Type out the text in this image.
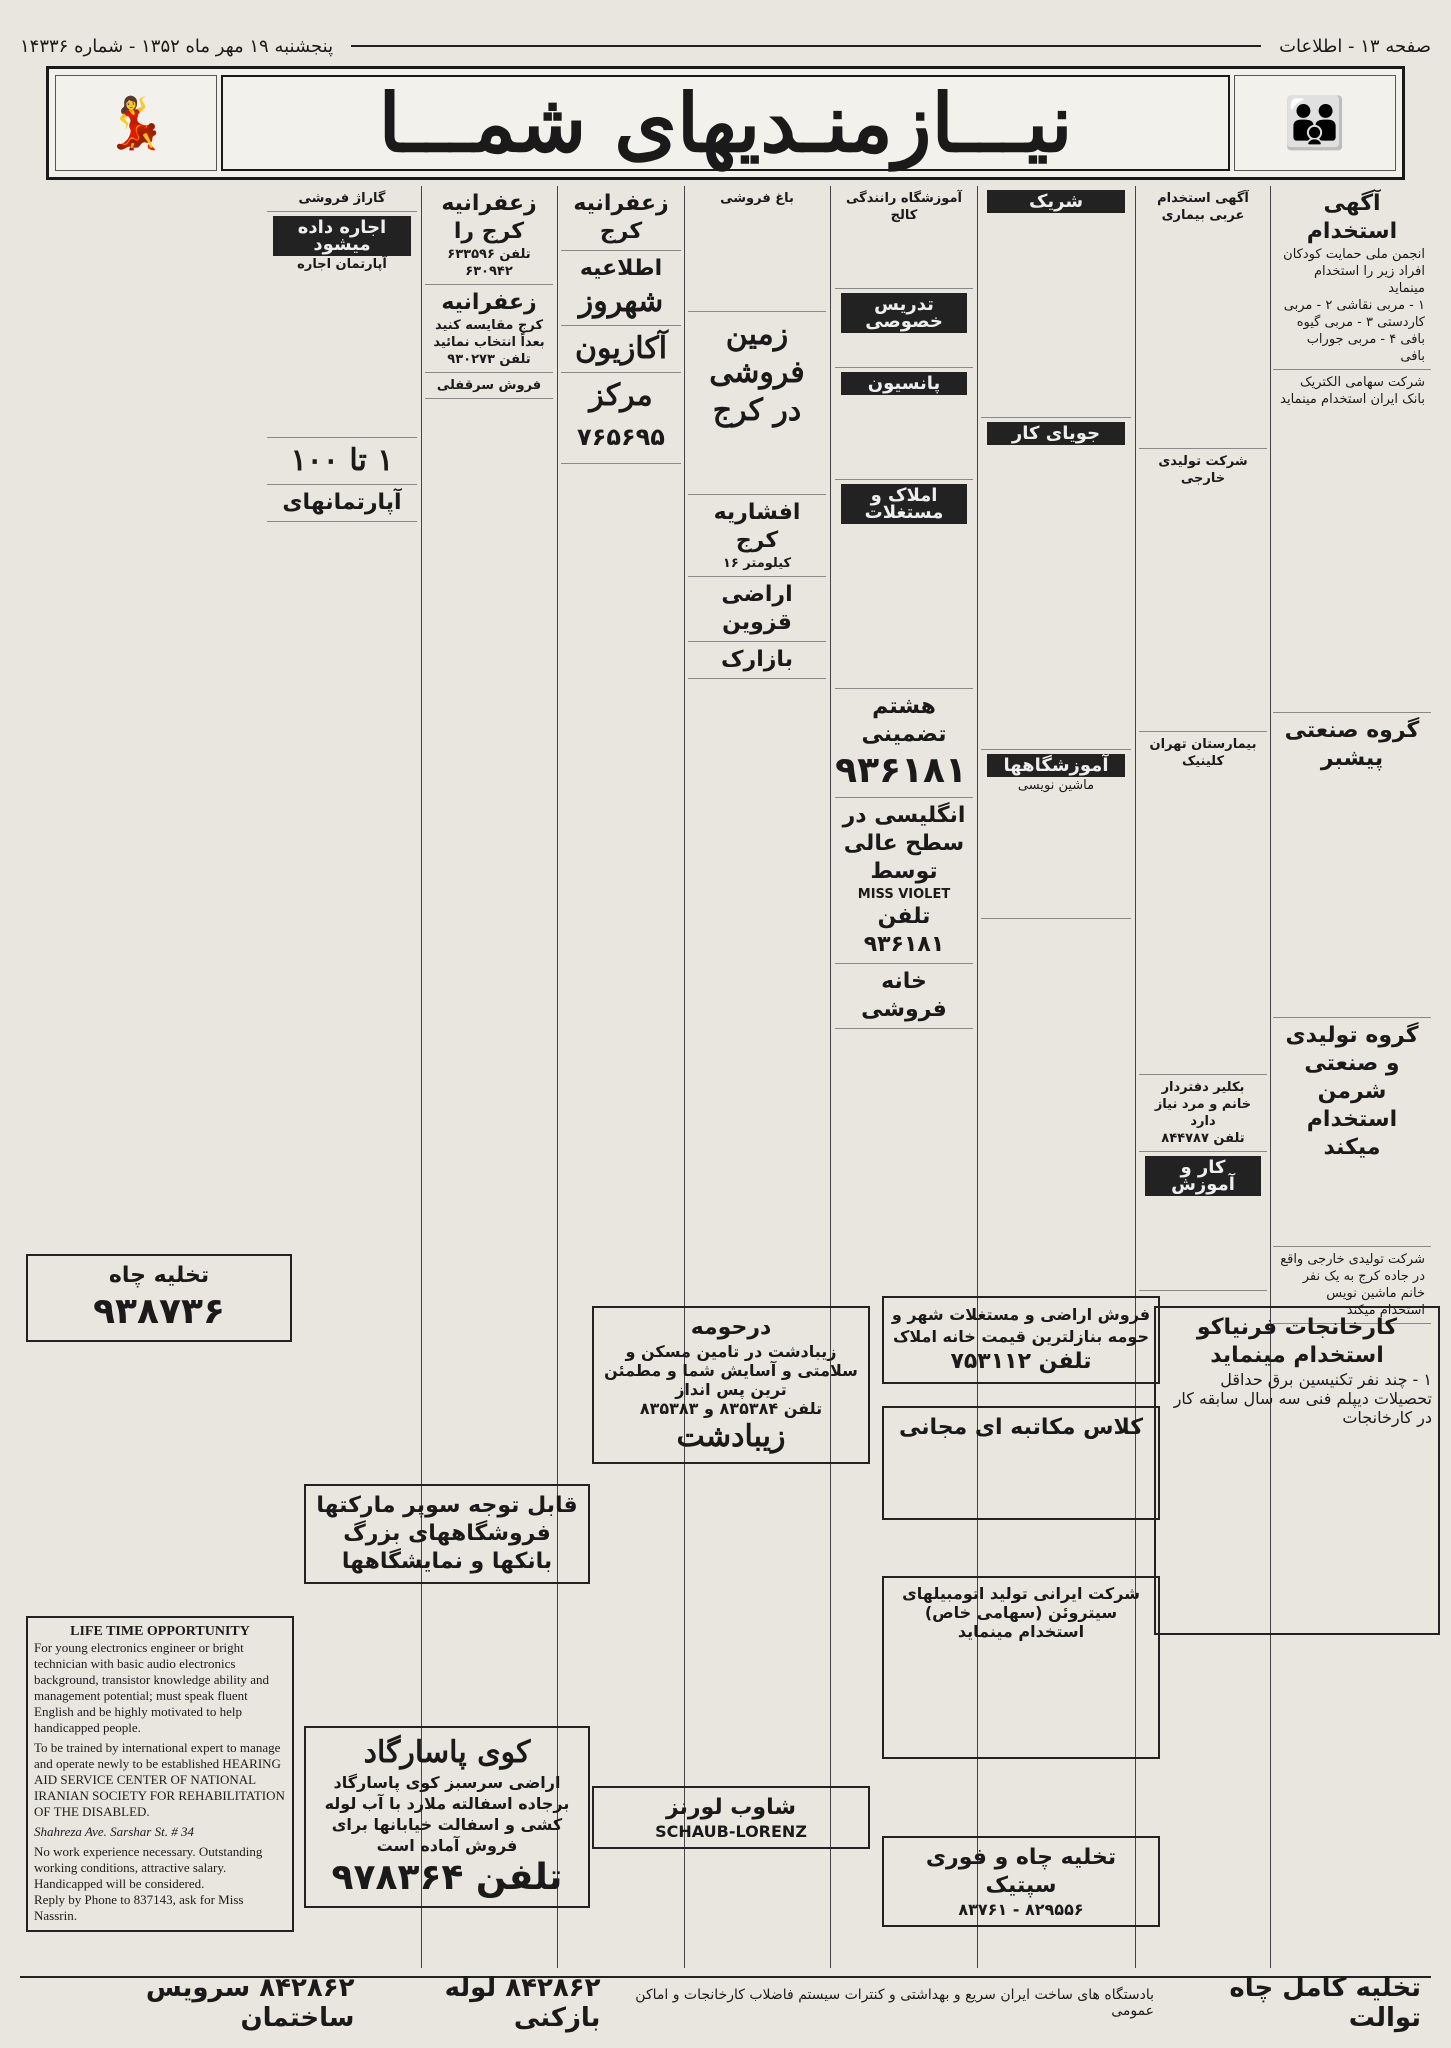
صفحه ۱۳ - اطلاعات
پنجشنبه ۱۹ مهر ماه ۱۳۵۲ - شماره ۱۴۳۳۶
👪
نیـــازمنـدیهای شمـــا
💃
آگهی استخدام
انجمن ملی حمایت کودکان افراد زیر را استخدام مینماید
۱ - مربی نقاشی ۲ - مربی کاردستی ۳ - مربی گیوه بافی ۴ - مربی جوراب بافی
شرکت سهامی الکتریک بانک ایران استخدام مینماید
گروه صنعتی پیشبر
گروه تولیدی و صنعتی شرمن استخدام میکند
شرکت تولیدی خارجی واقع در جاده کرج به یک نفر خانم ماشین نویس استخدام میکند
آگهی استخدام عربی بیماری
شرکت تولیدی خارجی
بیمارستان تهران کلینیک
بکلیر دفتردار خانم و مرد نیاز دارد
تلفن ۸۴۴۷۸۷
کار و آموزش
شریک
جویای کار
آموزشگاهها
ماشین نویسی
آموزشگاه رانندگی کالج
تدریس خصوصی
پانسیون
املاک و مستغلات
هشتم تضمینی
۹۳۶۱۸۱
انگلیسی در سطح عالی توسط
MISS VIOLET
تلفن ۹۳۶۱۸۱
خانه فروشی
باغ فروشی
زمین فروشی در کرج
افشاریه کرج
کیلومتر ۱۶
اراضی قزوین
بازارک
زعفرانیه
کرج
اطلاعیه
شهروز
آکازیون
مرکز
۷۶۵۶۹۵
زعفرانیه
کرج را
تلفن ۶۳۳۵۹۶
۶۳۰۹۴۲
زعفرانیه
کرج مقایسه کنید
بعداً انتخاب نمائید
تلفن ۹۳۰۲۷۳
فروش سرقفلی
گاراژ فروشی
اجاره داده میشود
آپارتمان اجاره
۱ تا ۱۰۰
آپارتمانهای
تخلیه چاه
۹۳۸۷۳۶
قابل توجه سوپر مارکتها فروشگاههای بزرگ بانکها و نمایشگاهها
کوی پاسارگاد
اراضی سرسبز کوی پاسارگاد برجاده اسفالته ملارد با آب لوله کشی و اسفالت خیابانها برای فروش آماده است
تلفن ۹۷۸۳۶۴
LIFE TIME OPPORTUNITY
For young electronics engineer or bright technician with basic audio electronics background, transistor knowledge ability and management potential; must speak fluent English and be highly motivated to help handicapped people.
To be trained by international expert to manage and operate newly to be established HEARING AID SERVICE CENTER OF NATIONAL IRANIAN SOCIETY FOR REHABILITATION OF THE DISABLED.
Shahreza Ave. Sarshar St. # 34
No work experience necessary. Outstanding working conditions, attractive salary.
Handicapped will be considered.
Reply by Phone to 837143, ask for Miss Nassrin.
درحومه
زیبادشت در تامین مسکن و سلامتی و آسایش شما و مطمئن ترین پس انداز
تلفن ۸۳۵۳۸۴ و ۸۳۵۳۸۳
زیبادشت
شاوب لورنز
SCHAUB-LORENZ
فروش اراضی و مستغلات شهر و حومه بنازلترین قیمت خانه املاک
تلفن ۷۵۳۱۱۲
کلاس مکاتبه ای مجانی
شرکت ایرانی تولید اتومبیلهای سیتروئن (سهامی خاص) استخدام مینماید
تخلیه چاه و فوری سپتیک
۸۲۹۵۵۶ - ۸۳۷۶۱
کارخانجات فرنیاکو استخدام مینماید
۱ - چند نفر تکنیسین برق حداقل تحصیلات دیپلم فنی سه سال سابقه کار در کارخانجات
تخلیه کامل چاه توالت
بادستگاه های ساخت ایران سریع و بهداشتی و کنترات سیستم فاضلاب کارخانجات و اماکن عمومی
۸۴۲۸۶۲ لوله بازکنی
۸۴۲۸۶۲ سرویس ساختمان
